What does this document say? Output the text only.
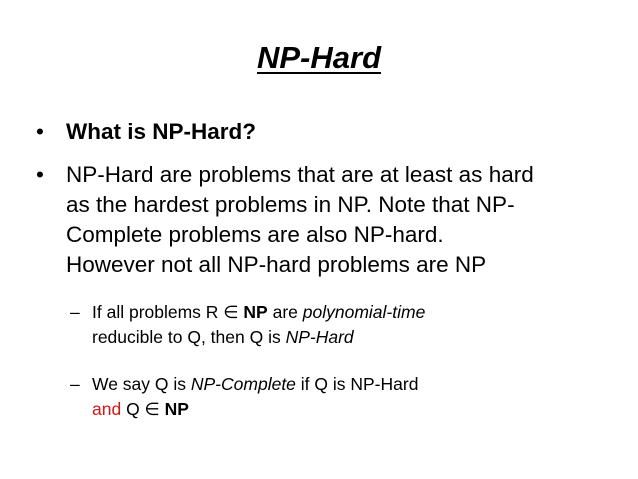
NP-Hard
• What is NP-Hard?
• NP-Hard are problems that are at least as hard
as the hardest problems in NP. Note that NP-
Complete problems are also NP-hard.
However not all NP-hard problems are NP
– If all problems R ∈ NP are polynomial-time
reducible to Q, then Q is NP-Hard
– We say Q is NP-Complete if Q is NP-Hard
and Q ∈ NP
